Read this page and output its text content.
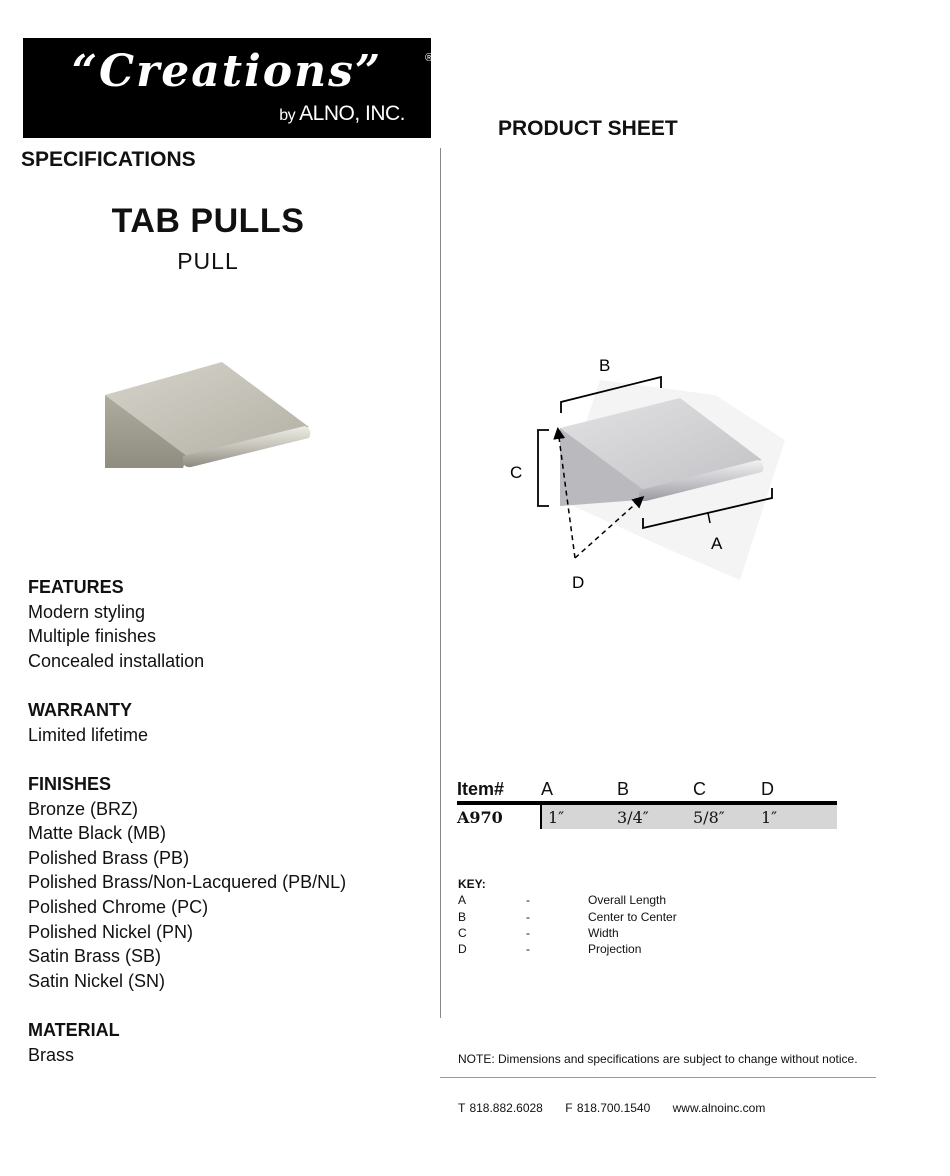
“Creations”	®
by ALNO, INC.
PRODUCT SHEET
SPECIFICATIONS
TAB PULLS
PULL
B
C
A
D
FEATURES
Modern styling
Multiple finishes
Concealed installation
WARRANTY
Limited lifetime
FINISHES
Bronze (BRZ)
Matte Black (MB)
Polished Brass (PB)
Polished Brass/Non-Lacquered (PB/NL)
Polished Chrome (PC)
Polished Nickel (PN)
Satin Brass (SB)
Satin Nickel (SN)
MATERIAL
Brass
Item#	A	B	C	D
A970	1″	3/4″	5/8″	1″
KEY:
A	-	Overall Length
B	-	Center to Center
C	-	Width
D	-	Projection
NOTE: Dimensions and specifications are subject to change without notice.
T 818.882.6028 F 818.700.1540 www.alnoinc.com
